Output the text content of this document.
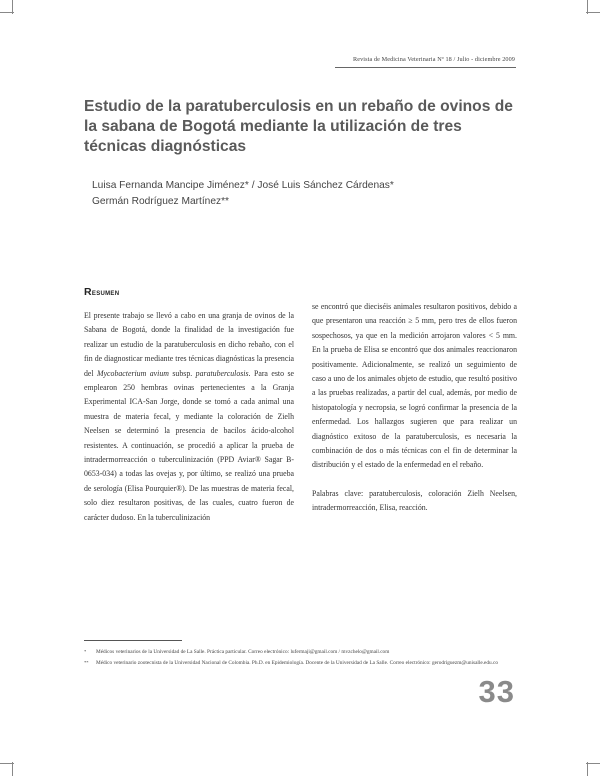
Revista de Medicina Veterinaria Nº 18 / Julio - diciembre 2009
Estudio de la paratuberculosis en un rebaño de ovinos de la sabana de Bogotá mediante la utilización de tres técnicas diagnósticas
Luisa Fernanda Mancipe Jiménez* / José Luis Sánchez Cárdenas*
Germán Rodríguez Martínez**
Resumen

El presente trabajo se llevó a cabo en una granja de ovinos de la Sabana de Bogotá, donde la finalidad de la investigación fue realizar un estudio de la paratuberculosis en dicho rebaño, con el fin de diagnosticar mediante tres técnicas diagnósticas la presencia del Mycobacterium avium subsp. paratuberculosis. Para esto se emplearon 250 hembras ovinas pertenecientes a la Granja Experimental ICA-San Jorge, donde se tomó a cada animal una muestra de materia fecal, y mediante la coloración de Zielh Neelsen se determinó la presencia de bacilos ácido-alcohol resistentes. A continuación, se procedió a aplicar la prueba de intradermorreacción o tuberculinización (PPD Aviar® Sagar B-0653-034) a todas las ovejas y, por último, se realizó una prueba de serología (Elisa Pourquier®). De las muestras de materia fecal, solo diez resultaron positivas, de las cuales, cuatro fueron de carácter dudoso. En la tuberculinización

se encontró que dieciséis animales resultaron positivos, debido a que presentaron una reacción ≥ 5 mm, pero tres de ellos fueron sospechosos, ya que en la medición arrojaron valores < 5 mm. En la prueba de Elisa se encontró que dos animales reaccionaron positivamente. Adicionalmente, se realizó un seguimiento de caso a uno de los animales objeto de estudio, que resultó positivo a las pruebas realizadas, a partir del cual, además, por medio de histopatología y necropsia, se logró confirmar la presencia de la enfermedad. Los hallazgos sugieren que para realizar un diagnóstico exitoso de la paratuberculosis, es necesaria la combinación de dos o más técnicas con el fin de determinar la distribución y el estado de la enfermedad en el rebaño.

Palabras clave: paratuberculosis, coloración Zielh Neelsen, intradermorreacción, Elisa, reacción.

*	Médicos veterinarios de la Universidad de La Salle. Práctica particular. Correo electrónico: lufermaji@gmail.com / mvzchelo@gmail.com
**	Médico veterinario zootecnista de la Universidad Nacional de Colombia. Ph.D. en Epidemiología. Docente de la Universidad de La Salle. Correo electrónico: gerodriguezm@unisalle.edu.co
33
